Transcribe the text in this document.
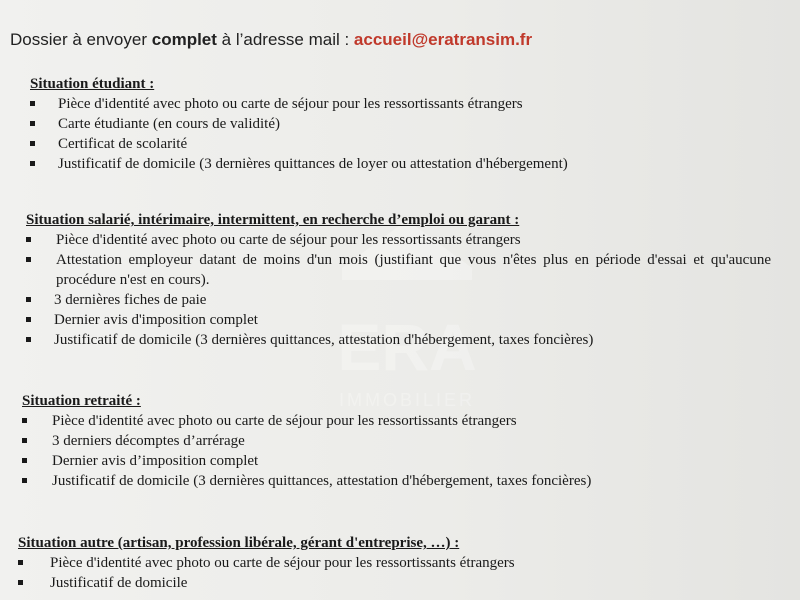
ERA
IMMOBILIER
Dossier à envoyer complet à l’adresse mail : accueil@eratransim.fr
Situation étudiant :
Pièce d'identité avec photo ou carte de séjour pour les ressortissants étrangers
Carte étudiante (en cours de validité)
Certificat de scolarité
Justificatif de domicile (3 dernières quittances de loyer ou attestation d'hébergement)
Situation salarié, intérimaire, intermittent, en recherche d’emploi ou garant :
Pièce d'identité avec photo ou carte de séjour pour les ressortissants étrangers
Attestation employeur datant de moins d'un mois (justifiant que vous n'êtes plus en période d'essai et qu'aucune procédure n'est en cours).
3 dernières fiches de paie
Dernier avis d'imposition complet
Justificatif de domicile (3 dernières quittances, attestation d'hébergement, taxes foncières)
Situation retraité :
Pièce d'identité avec photo ou carte de séjour pour les ressortissants étrangers
3 derniers décomptes d’arrérage
Dernier avis d’imposition complet
Justificatif de domicile (3 dernières quittances, attestation d'hébergement, taxes foncières)
Situation autre (artisan, profession libérale, gérant d'entreprise, …) :
Pièce d'identité avec photo ou carte de séjour pour les ressortissants étrangers
Justificatif de domicile
